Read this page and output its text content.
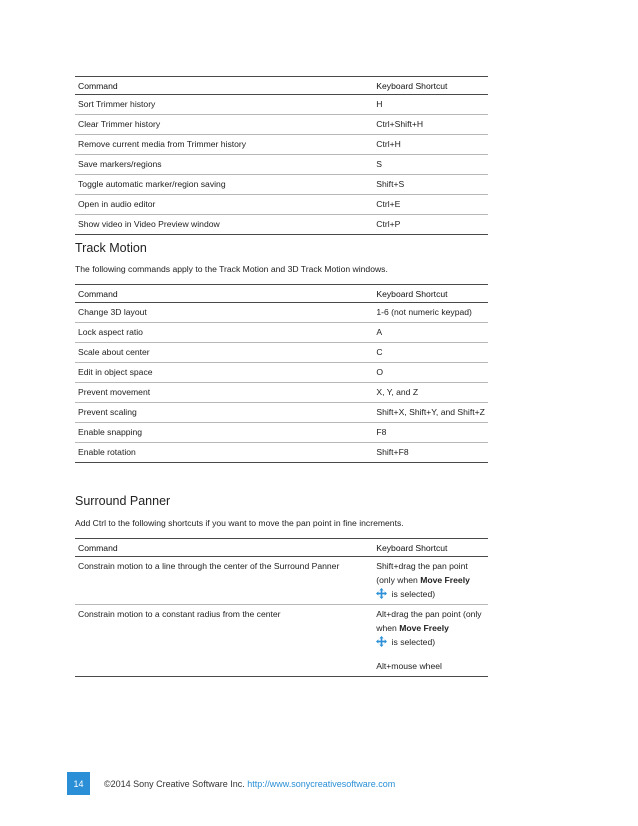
Command	Keyboard Shortcut
Sort Trimmer history	H
Clear Trimmer history	Ctrl+Shift+H
Remove current media from Trimmer history	Ctrl+H
Save markers/regions	S
Toggle automatic marker/region saving	Shift+S
Open in audio editor	Ctrl+E
Show video in Video Preview window	Ctrl+P
Track Motion
The following commands apply to the Track Motion and 3D Track Motion windows.
Command	Keyboard Shortcut
Change 3D layout	1-6 (not numeric keypad)
Lock aspect ratio	A
Scale about center	C
Edit in object space	O
Prevent movement	X, Y, and Z
Prevent scaling	Shift+X, Shift+Y, and Shift+Z
Enable snapping	F8
Enable rotation	Shift+F8
Surround Panner
Add Ctrl to the following shortcuts if you want to move the pan point in fine increments.
Command	Keyboard Shortcut
Constrain motion to a line through the center of the Surround Panner	Shift+drag the pan point (only when Move Freely
is selected)
Constrain motion to a constant radius from the center	Alt+drag the pan point (only when Move Freely
is selected)
Alt+mouse wheel
14 ©2014 Sony Creative Software Inc. http://www.sonycreativesoftware.com
